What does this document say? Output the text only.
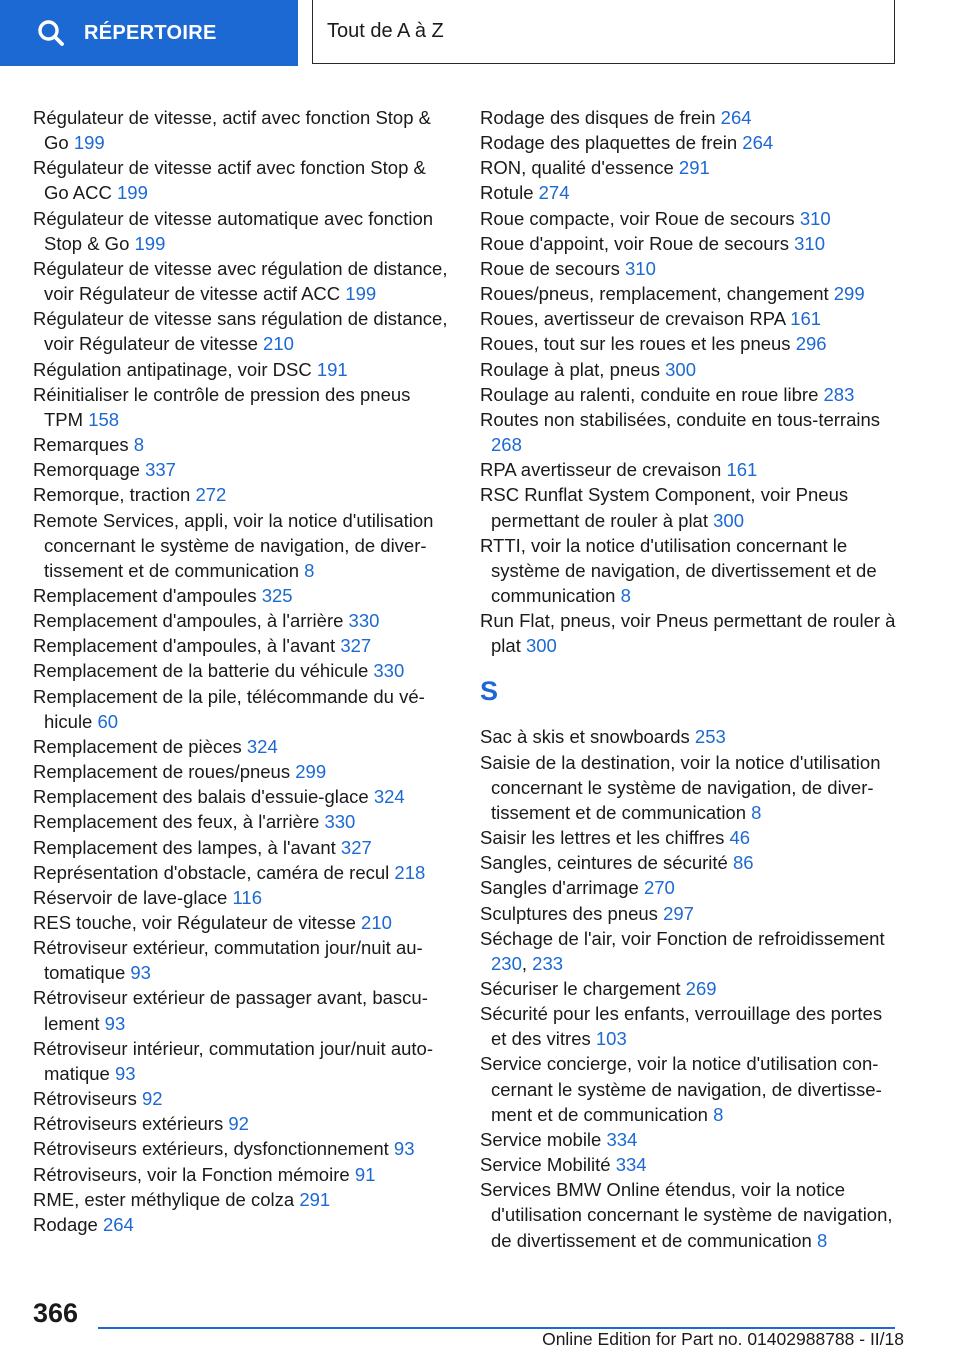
RÉPERTOIRE	Tout de A à Z
Régulateur de vitesse, actif avec fonction Stop & Go 199
Régulateur de vitesse actif avec fonction Stop & Go ACC 199
Régulateur de vitesse automatique avec fonction Stop & Go 199
Régulateur de vitesse avec régulation de distance, voir Régulateur de vitesse actif ACC 199
Régulateur de vitesse sans régulation de distance, voir Régulateur de vitesse 210
Régulation antipatinage, voir DSC 191
Réinitialiser le contrôle de pression des pneus TPM 158
Remarques 8
Remorquage 337
Remorque, traction 272
Remote Services, appli, voir la notice d'utilisation concernant le système de navigation, de divertissement et de communication 8
Remplacement d'ampoules 325
Remplacement d'ampoules, à l'arrière 330
Remplacement d'ampoules, à l'avant 327
Remplacement de la batterie du véhicule 330
Remplacement de la pile, télécommande du véhicule 60
Remplacement de pièces 324
Remplacement de roues/pneus 299
Remplacement des balais d'essuie-glace 324
Remplacement des feux, à l'arrière 330
Remplacement des lampes, à l'avant 327
Représentation d'obstacle, caméra de recul 218
Réservoir de lave-glace 116
RES touche, voir Régulateur de vitesse 210
Rétroviseur extérieur, commutation jour/nuit automatique 93
Rétroviseur extérieur de passager avant, basculement 93
Rétroviseur intérieur, commutation jour/nuit automatique 93
Rétroviseurs 92
Rétroviseurs extérieurs 92
Rétroviseurs extérieurs, dysfonctionnement 93
Rétroviseurs, voir la Fonction mémoire 91
RME, ester méthylique de colza 291
Rodage 264
Rodage des disques de frein 264
Rodage des plaquettes de frein 264
RON, qualité d'essence 291
Rotule 274
Roue compacte, voir Roue de secours 310
Roue d'appoint, voir Roue de secours 310
Roue de secours 310
Roues/pneus, remplacement, changement 299
Roues, avertisseur de crevaison RPA 161
Roues, tout sur les roues et les pneus 296
Roulage à plat, pneus 300
Roulage au ralenti, conduite en roue libre 283
Routes non stabilisées, conduite en tous-terrains 268
RPA avertisseur de crevaison 161
RSC Runflat System Component, voir Pneus permettant de rouler à plat 300
RTTI, voir la notice d'utilisation concernant le système de navigation, de divertissement et de communication 8
Run Flat, pneus, voir Pneus permettant de rouler à plat 300
S
Sac à skis et snowboards 253
Saisie de la destination, voir la notice d'utilisation concernant le système de navigation, de divertissement et de communication 8
Saisir les lettres et les chiffres 46
Sangles, ceintures de sécurité 86
Sangles d'arrimage 270
Sculptures des pneus 297
Séchage de l'air, voir Fonction de refroidissement 230, 233
Sécuriser le chargement 269
Sécurité pour les enfants, verrouillage des portes et des vitres 103
Service concierge, voir la notice d'utilisation concernant le système de navigation, de divertissement et de communication 8
Service mobile 334
Service Mobilité 334
Services BMW Online étendus, voir la notice d'utilisation concernant le système de navigation, de divertissement et de communication 8
366
Online Edition for Part no. 01402988788 - II/18
